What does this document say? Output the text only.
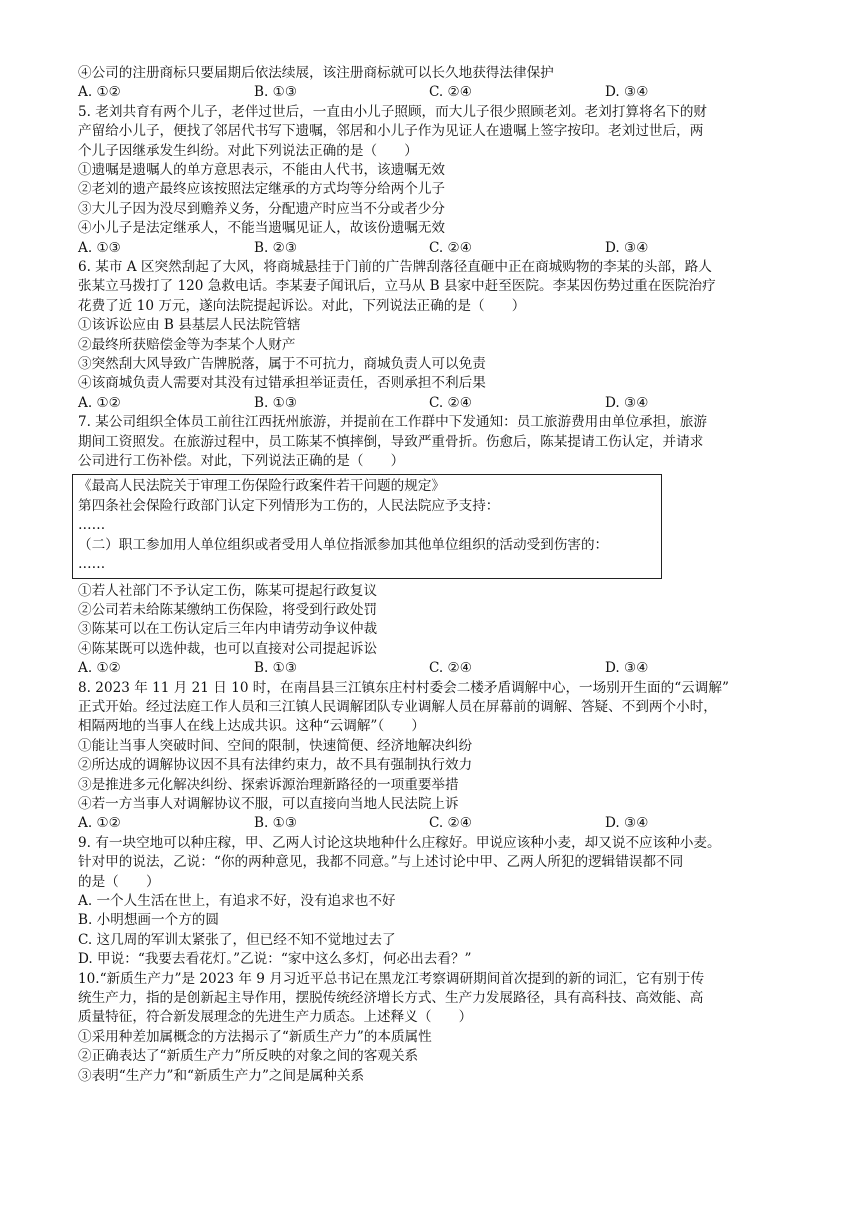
④公司的注册商标只要届期后依法续展，该注册商标就可以长久地获得法律保护
A. ①②	B. ①③	C. ②④	D. ③④
5. 老刘共育有两个儿子，老伴过世后，一直由小儿子照顾，而大儿子很少照顾老刘。老刘打算将名下的财
产留给小儿子，便找了邻居代书写下遗嘱，邻居和小儿子作为见证人在遗嘱上签字按印。老刘过世后，两
个儿子因继承发生纠纷。对此下列说法正确的是（　　）
①遗嘱是遗嘱人的单方意思表示，不能由人代书，该遗嘱无效
②老刘的遗产最终应该按照法定继承的方式均等分给两个儿子
③大儿子因为没尽到赡养义务，分配遗产时应当不分或者少分
④小儿子是法定继承人，不能当遗嘱见证人，故该份遗嘱无效
A. ①③	B. ②③	C. ②④	D. ③④
6. 某市 A 区突然刮起了大风，将商城悬挂于门前的广告牌刮落径直砸中正在商城购物的李某的头部，路人
张某立马拨打了 120 急救电话。李某妻子闻讯后，立马从 B 县家中赶至医院。李某因伤势过重在医院治疗
花费了近 10 万元，遂向法院提起诉讼。对此，下列说法正确的是（　　）
①该诉讼应由 B 县基层人民法院管辖
②最终所获赔偿金等为李某个人财产
③突然刮大风导致广告牌脱落，属于不可抗力，商城负责人可以免责
④该商城负责人需要对其没有过错承担举证责任，否则承担不利后果
A. ①②	B. ①③	C. ②④	D. ③④
7. 某公司组织全体员工前往江西抚州旅游，并提前在工作群中下发通知：员工旅游费用由单位承担，旅游
期间工资照发。在旅游过程中，员工陈某不慎摔倒，导致严重骨折。伤愈后，陈某提请工伤认定，并请求
公司进行工伤补偿。对此，下列说法正确的是（　　）
《最高人民法院关于审理工伤保险行政案件若干问题的规定》
第四条社会保险行政部门认定下列情形为工伤的，人民法院应予支持：
……
（二）职工参加用人单位组织或者受用人单位指派参加其他单位组织的活动受到伤害的：
……
①若人社部门不予认定工伤，陈某可提起行政复议
②公司若未给陈某缴纳工伤保险，将受到行政处罚
③陈某可以在工伤认定后三年内申请劳动争议仲裁
④陈某既可以选仲裁，也可以直接对公司提起诉讼
A. ①②	B. ①③	C. ②④	D. ③④
8. 2023 年 11 月 21 日 10 时，在南昌县三江镇东庄村村委会二楼矛盾调解中心，一场别开生面的“云调解”
正式开始。经过法庭工作人员和三江镇人民调解团队专业调解人员在屏幕前的调解、答疑、不到两个小时，
相隔两地的当事人在线上达成共识。这种“云调解”（　　）
①能让当事人突破时间、空间的限制，快速简便、经济地解决纠纷
②所达成的调解协议因不具有法律约束力，故不具有强制执行效力
③是推进多元化解决纠纷、探索诉源治理新路径的一项重要举措
④若一方当事人对调解协议不服，可以直接向当地人民法院上诉
A. ①②	B. ①③	C. ②④	D. ③④
9. 有一块空地可以种庄稼，甲、乙两人讨论这块地种什么庄稼好。甲说应该种小麦，却又说不应该种小麦。
针对甲的说法，乙说：“你的两种意见，我都不同意。”与上述讨论中甲、乙两人所犯的逻辑错误都不同
的是（　　）
A. 一个人生活在世上，有追求不好，没有追求也不好
B. 小明想画一个方的圆
C. 这几周的军训太紧张了，但已经不知不觉地过去了
D. 甲说：“我要去看花灯。”乙说：“家中这么多灯，何必出去看？”
10.“新质生产力”是 2023 年 9 月习近平总书记在黑龙江考察调研期间首次提到的新的词汇，它有别于传
统生产力，指的是创新起主导作用，摆脱传统经济增长方式、生产力发展路径，具有高科技、高效能、高
质量特征，符合新发展理念的先进生产力质态。上述释义（　　）
①采用种差加属概念的方法揭示了“新质生产力”的本质属性
②正确表达了“新质生产力”所反映的对象之间的客观关系
③表明“生产力”和“新质生产力”之间是属种关系
